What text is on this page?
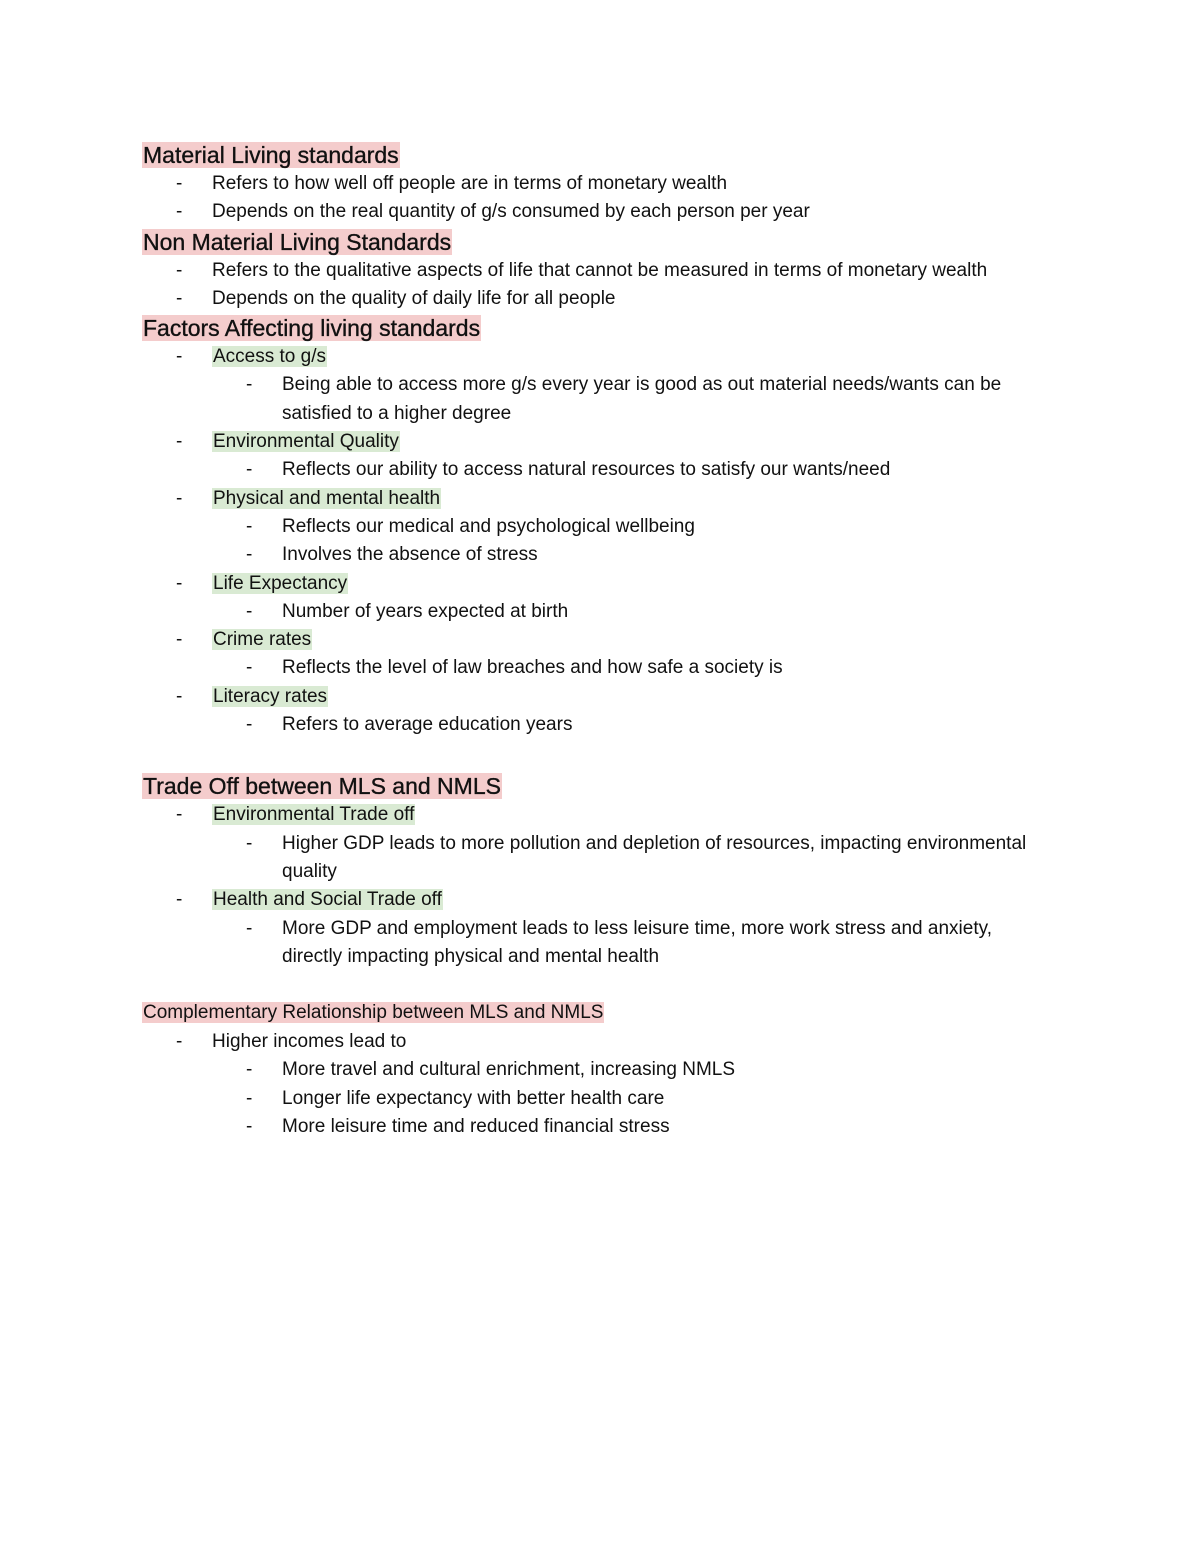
Material Living standards
- Refers to how well off people are in terms of monetary wealth
- Depends on the real quantity of g/s consumed by each person per year
Non Material Living Standards
- Refers to the qualitative aspects of life that cannot be measured in terms of monetary wealth
- Depends on the quality of daily life for all people
Factors Affecting living standards
- Access to g/s
- Being able to access more g/s every year is good as out material needs/wants can be satisfied to a higher degree
- Environmental Quality
- Reflects our ability to access natural resources to satisfy our wants/need
- Physical and mental health
- Reflects our medical and psychological wellbeing
- Involves the absence of stress
- Life Expectancy
- Number of years expected at birth
- Crime rates
- Reflects the level of law breaches and how safe a society is
- Literacy rates
- Refers to average education years
Trade Off between MLS and NMLS
- Environmental Trade off
- Higher GDP leads to more pollution and depletion of resources, impacting environmental quality
- Health and Social Trade off
- More GDP and employment leads to less leisure time, more work stress and anxiety, directly impacting physical and mental health
Complementary Relationship between MLS and NMLS
- Higher incomes lead to
- More travel and cultural enrichment, increasing NMLS
- Longer life expectancy with better health care
- More leisure time and reduced financial stress
